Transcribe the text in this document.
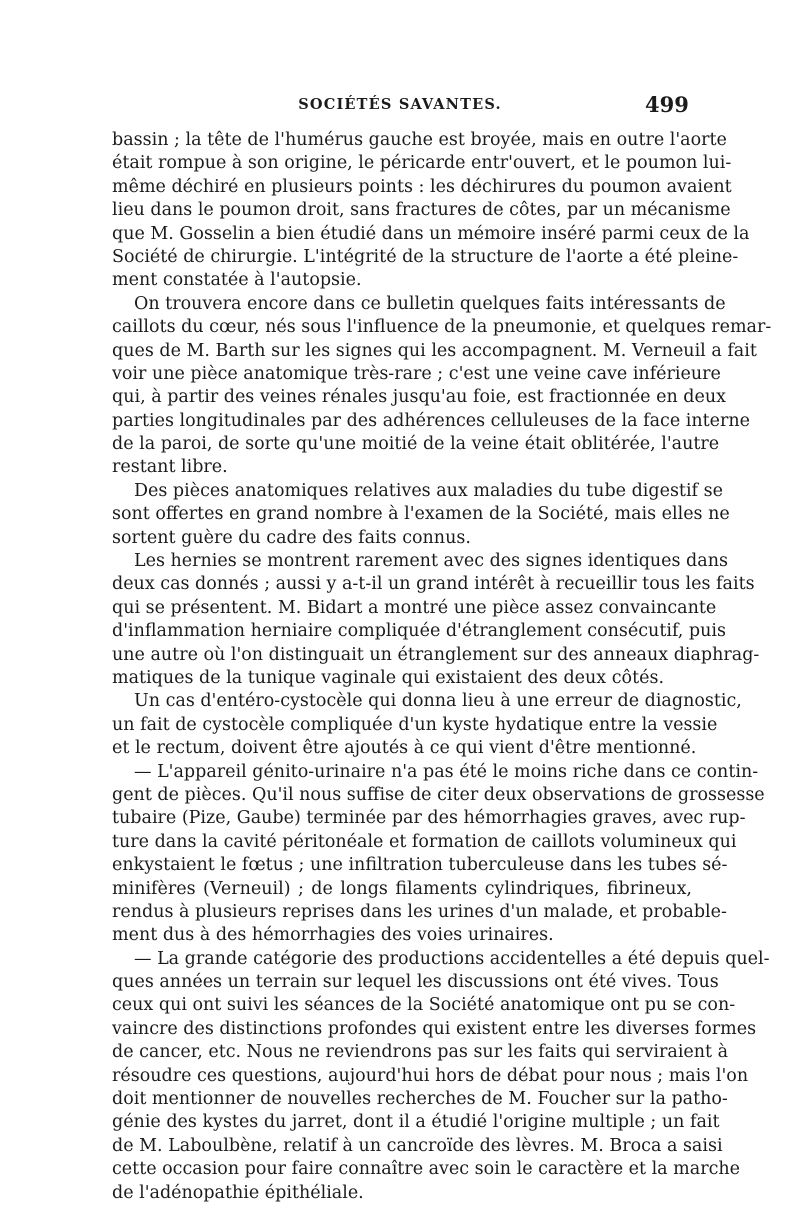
SOCIÉTÉS SAVANTES.	499
bassin ; la tête de l'humérus gauche est broyée, mais en outre l'aorte
était rompue à son origine, le péricarde entr'ouvert, et le poumon lui-
même déchiré en plusieurs points : les déchirures du poumon avaient
lieu dans le poumon droit, sans fractures de côtes, par un mécanisme
que M. Gosselin a bien étudié dans un mémoire inséré parmi ceux de la
Société de chirurgie. L'intégrité de la structure de l'aorte a été pleine-
ment constatée à l'autopsie.
On trouvera encore dans ce bulletin quelques faits intéressants de
caillots du cœur, nés sous l'influence de la pneumonie, et quelques remar-
ques de M. Barth sur les signes qui les accompagnent. M. Verneuil a fait
voir une pièce anatomique très-rare ; c'est une veine cave inférieure
qui, à partir des veines rénales jusqu'au foie, est fractionnée en deux
parties longitudinales par des adhérences celluleuses de la face interne
de la paroi, de sorte qu'une moitié de la veine était oblitérée, l'autre
restant libre.
Des pièces anatomiques relatives aux maladies du tube digestif se
sont offertes en grand nombre à l'examen de la Société, mais elles ne
sortent guère du cadre des faits connus.
Les hernies se montrent rarement avec des signes identiques dans
deux cas donnés ; aussi y a-t-il un grand intérêt à recueillir tous les faits
qui se présentent. M. Bidart a montré une pièce assez convaincante
d'inflammation herniaire compliquée d'étranglement consécutif, puis
une autre où l'on distinguait un étranglement sur des anneaux diaphrag-
matiques de la tunique vaginale qui existaient des deux côtés.
Un cas d'entéro-cystocèle qui donna lieu à une erreur de diagnostic,
un fait de cystocèle compliquée d'un kyste hydatique entre la vessie
et le rectum, doivent être ajoutés à ce qui vient d'être mentionné.
— L'appareil génito-urinaire n'a pas été le moins riche dans ce contin-
gent de pièces. Qu'il nous suffise de citer deux observations de grossesse
tubaire (Pize, Gaube) terminée par des hémorrhagies graves, avec rup-
ture dans la cavité péritonéale et formation de caillots volumineux qui
enkystaient le fœtus ; une infiltration tuberculeuse dans les tubes sé-
minifères (Verneuil) ; de longs filaments cylindriques, fibrineux,
rendus à plusieurs reprises dans les urines d'un malade, et probable-
ment dus à des hémorrhagies des voies urinaires.
— La grande catégorie des productions accidentelles a été depuis quel-
ques années un terrain sur lequel les discussions ont été vives. Tous
ceux qui ont suivi les séances de la Société anatomique ont pu se con-
vaincre des distinctions profondes qui existent entre les diverses formes
de cancer, etc. Nous ne reviendrons pas sur les faits qui serviraient à
résoudre ces questions, aujourd'hui hors de débat pour nous ; mais l'on
doit mentionner de nouvelles recherches de M. Foucher sur la patho-
génie des kystes du jarret, dont il a étudié l'origine multiple ; un fait
de M. Laboulbène, relatif à un cancroïde des lèvres. M. Broca a saisi
cette occasion pour faire connaître avec soin le caractère et la marche
de l'adénopathie épithéliale.
